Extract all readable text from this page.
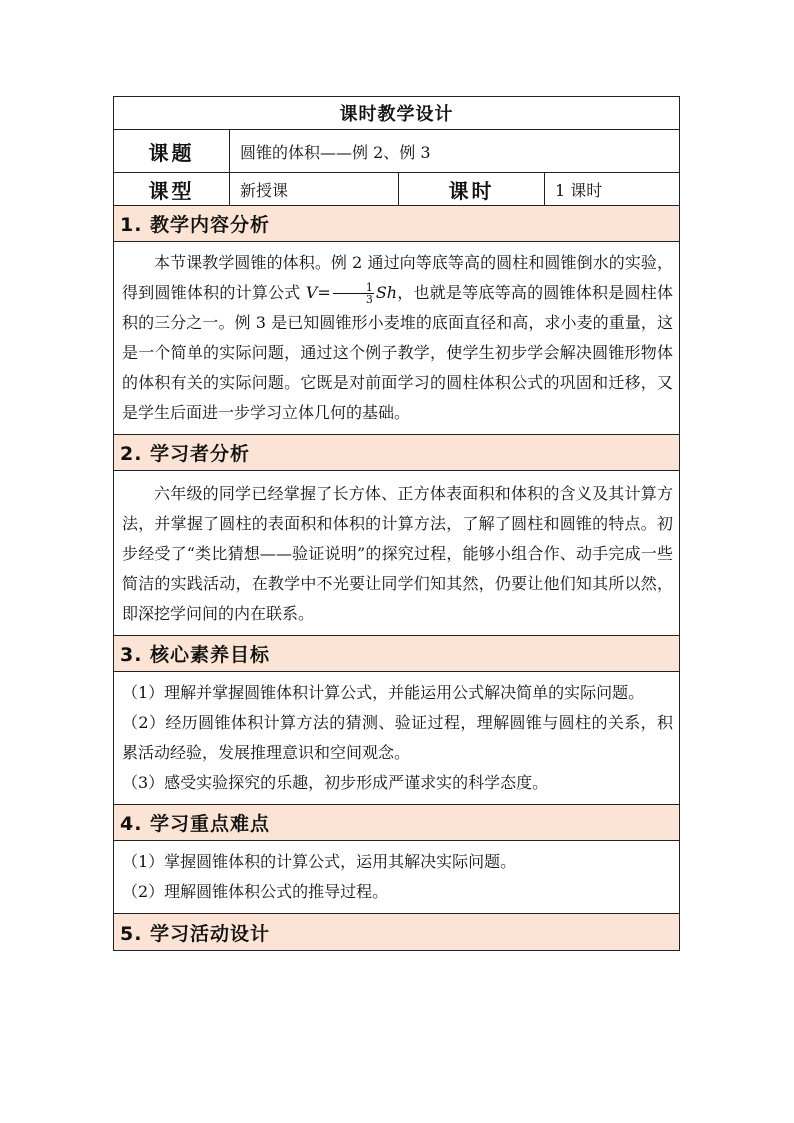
课时教学设计
课题	圆锥的体积——例 2、例 3
课型	新授课	课时	1 课时
1. 教学内容分析
本节课教学圆锥的体积。例 2 通过向等底等高的圆柱和圆锥倒水的实验，得到圆锥体积的计算公式 $V= \frac{1}{3}$ Sh，也就是等底等高的圆锥体积是圆柱体积的三分之一。例 3 是已知圆锥形小麦堆的底面直径和高，求小麦的重量，这是一个简单的实际问题，通过这个例子教学，使学生初步学会解决圆锥形物体的体积有关的实际问题。它既是对前面学习的圆柱体积公式的巩固和迁移，又是学生后面进一步学习立体几何的基础。
2. 学习者分析
六年级的同学已经掌握了长方体、正方体表面积和体积的含义及其计算方法，并掌握了圆柱的表面积和体积的计算方法，了解了圆柱和圆锥的特点。初步经受了“类比猜想——验证说明”的探究过程，能够小组合作、动手完成一些简洁的实践活动，在教学中不光要让同学们知其然，仍要让他们知其所以然，即深挖学问间的内在联系。
3. 核心素养目标

（1）理解并掌握圆锥体积计算公式，并能运用公式解决简单的实际问题。

（2）经历圆锥体积计算方法的猜测、验证过程，理解圆锥与圆柱的关系，积累活动经验，发展推理意识和空间观念。

（3）感受实验探究的乐趣，初步形成严谨求实的科学态度。

4. 学习重点难点

（1）掌握圆锥体积的计算公式，运用其解决实际问题。

（2）理解圆锥体积公式的推导过程。

5. 学习活动设计
